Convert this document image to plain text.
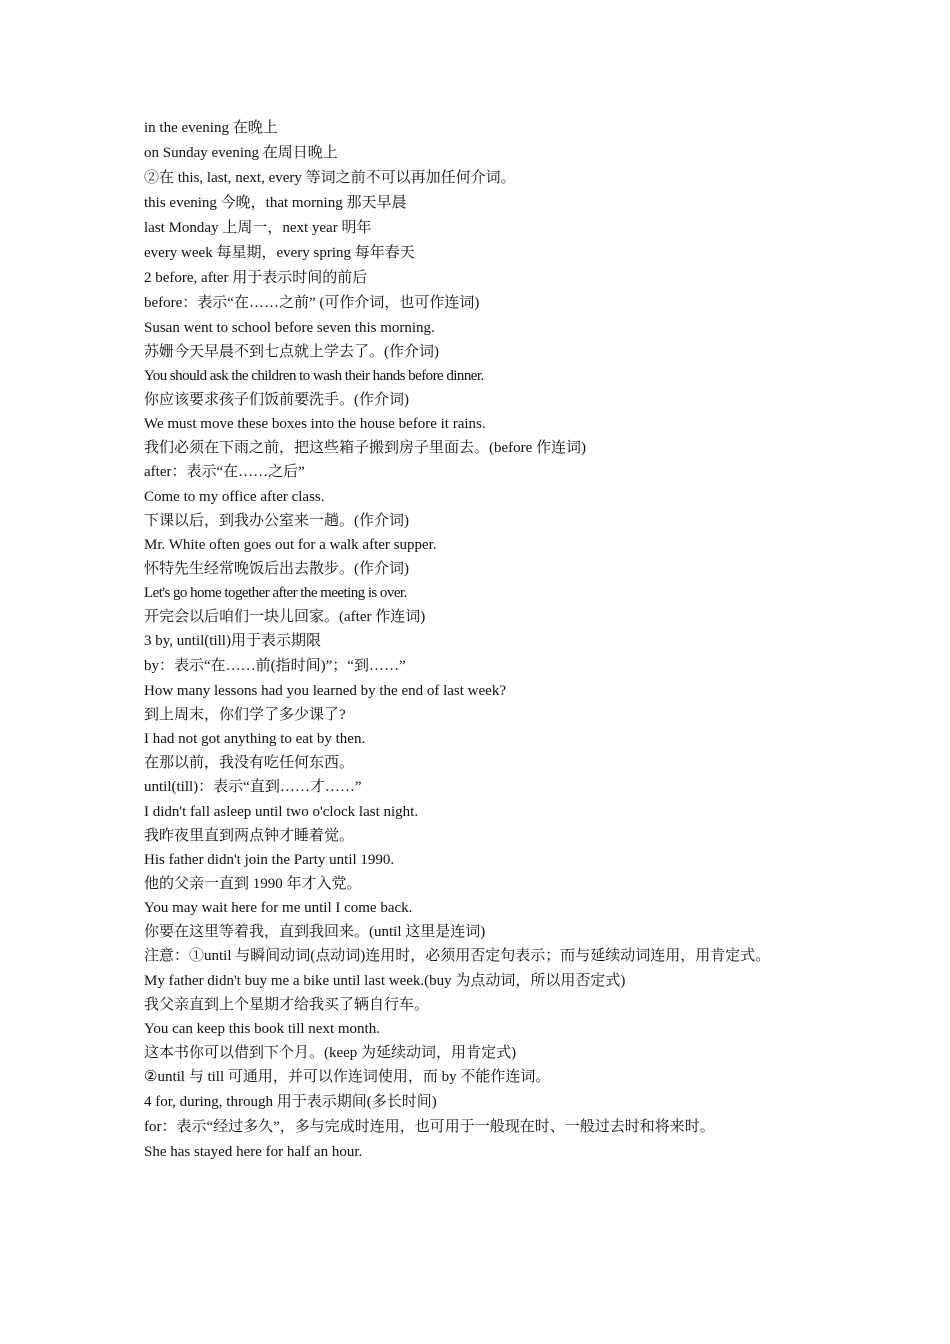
in the evening 在晚上
on Sunday evening 在周日晚上
②在 this, last, next, every 等词之前不可以再加任何介词。
this evening 今晚，that morning 那天早晨
last Monday 上周一，next year 明年
every week 每星期，every spring 每年春天
2 before, after 用于表示时间的前后
before：表示“在……之前” (可作介词，也可作连词)
Susan went to school before seven this morning.
苏姗今天早晨不到七点就上学去了。(作介词)
You should ask the children to wash their hands before dinner.
你应该要求孩子们饭前要洗手。(作介词)
We must move these boxes into the house before it rains.
我们必须在下雨之前，把这些箱子搬到房子里面去。(before 作连词)
after：表示“在……之后”
Come to my office after class.
下课以后，到我办公室来一趟。(作介词)
Mr. White often goes out for a walk after supper.
怀特先生经常晚饭后出去散步。(作介词)
Let's go home together after the meeting is over.
开完会以后咱们一块儿回家。(after 作连词)
3 by, until(till)用于表示期限
by：表示“在……前(指时间)”；“到……”
How many lessons had you learned by the end of last week?
到上周末，你们学了多少课了?
I had not got anything to eat by then.
在那以前，我没有吃任何东西。
until(till)：表示“直到……才……”
I didn't fall asleep until two o'clock last night.
我昨夜里直到两点钟才睡着觉。
His father didn't join the Party until 1990.
他的父亲一直到 1990 年才入党。
You may wait here for me until I come back.
你要在这里等着我，直到我回来。(until 这里是连词)
注意：①until 与瞬间动词(点动词)连用时，必须用否定句表示；而与延续动词连用，用肯定式。
My father didn't buy me a bike until last week.(buy 为点动词，所以用否定式)
我父亲直到上个星期才给我买了辆自行车。
You can keep this book till next month.
这本书你可以借到下个月。(keep 为延续动词，用肯定式)
②until 与 till 可通用，并可以作连词使用，而 by 不能作连词。
4 for, during, through 用于表示期间(多长时间)
for：表示“经过多久”，多与完成时连用，也可用于一般现在时、一般过去时和将来时。
She has stayed here for half an hour.
